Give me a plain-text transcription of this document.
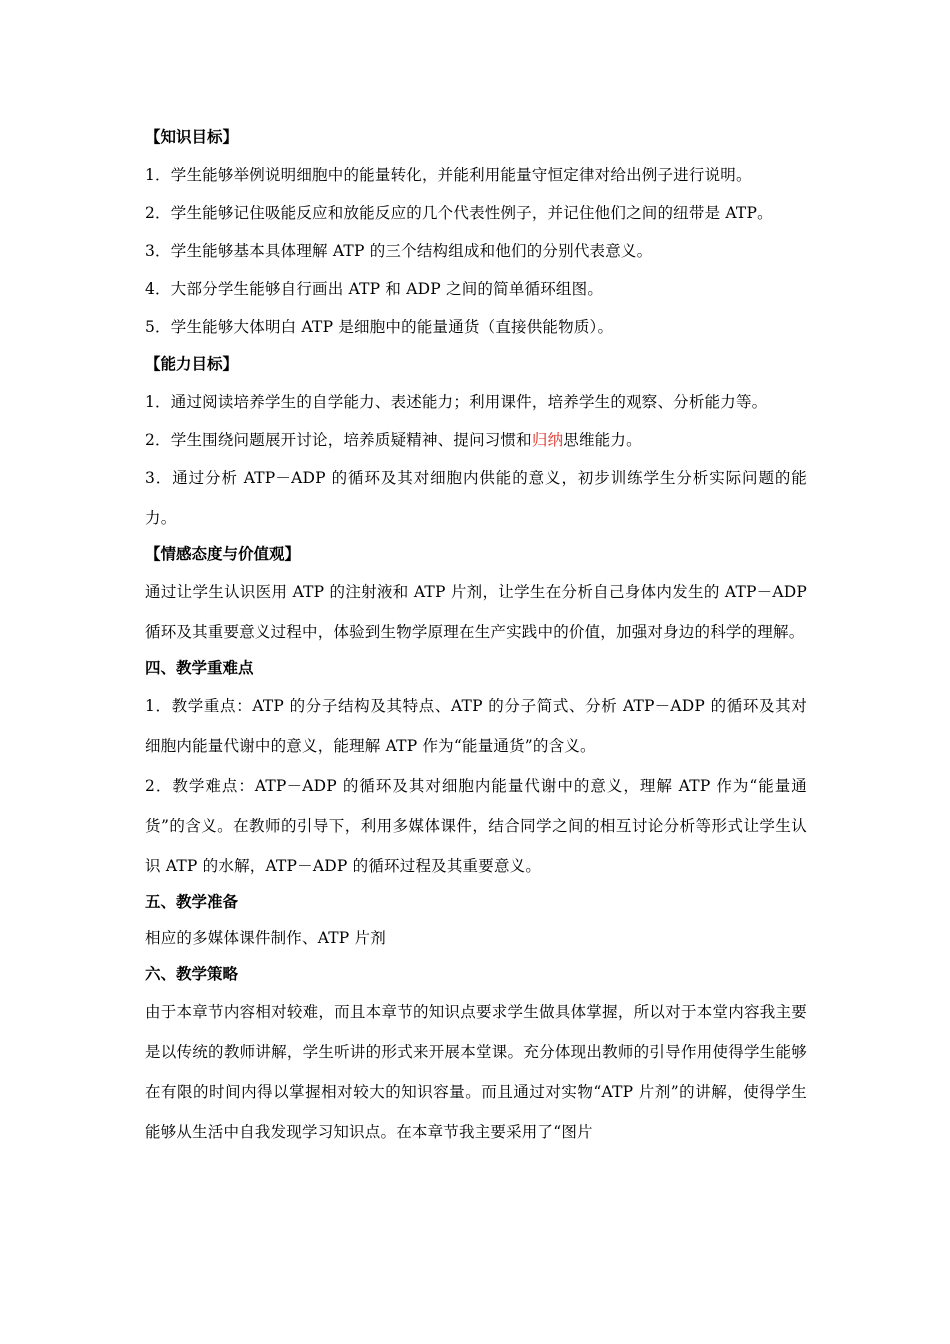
【知识目标】
1．学生能够举例说明细胞中的能量转化，并能利用能量守恒定律对给出例子进行说明。
2．学生能够记住吸能反应和放能反应的几个代表性例子，并记住他们之间的纽带是 ATP。
3．学生能够基本具体理解 ATP 的三个结构组成和他们的分别代表意义。
4．大部分学生能够自行画出 ATP 和 ADP 之间的简单循环组图。
5．学生能够大体明白 ATP 是细胞中的能量通货（直接供能物质）。
【能力目标】
1．通过阅读培养学生的自学能力、表述能力；利用课件，培养学生的观察、分析能力等。
2．学生围绕问题展开讨论，培养质疑精神、提问习惯和归纳思维能力。
3．通过分析 ATP－ADP 的循环及其对细胞内供能的意义，初步训练学生分析实际问题的能力。
【情感态度与价值观】
通过让学生认识医用 ATP 的注射液和 ATP 片剂，让学生在分析自己身体内发生的 ATP－ADP 循环及其重要意义过程中，体验到生物学原理在生产实践中的价值，加强对身边的科学的理解。
四、教学重难点
1．教学重点：ATP 的分子结构及其特点、ATP 的分子简式、分析 ATP－ADP 的循环及其对细胞内能量代谢中的意义，能理解 ATP 作为“能量通货”的含义。
2．教学难点：ATP－ADP 的循环及其对细胞内能量代谢中的意义，理解 ATP 作为“能量通货”的含义。在教师的引导下，利用多媒体课件，结合同学之间的相互讨论分析等形式让学生认识 ATP 的水解，ATP－ADP 的循环过程及其重要意义。
五、教学准备
相应的多媒体课件制作、ATP 片剂
六、教学策略
由于本章节内容相对较难，而且本章节的知识点要求学生做具体掌握，所以对于本堂内容我主要是以传统的教师讲解，学生听讲的形式来开展本堂课。充分体现出教师的引导作用使得学生能够在有限的时间内得以掌握相对较大的知识容量。而且通过对实物“ATP 片剂”的讲解，使得学生能够从生活中自我发现学习知识点。在本章节我主要采用了“图片
